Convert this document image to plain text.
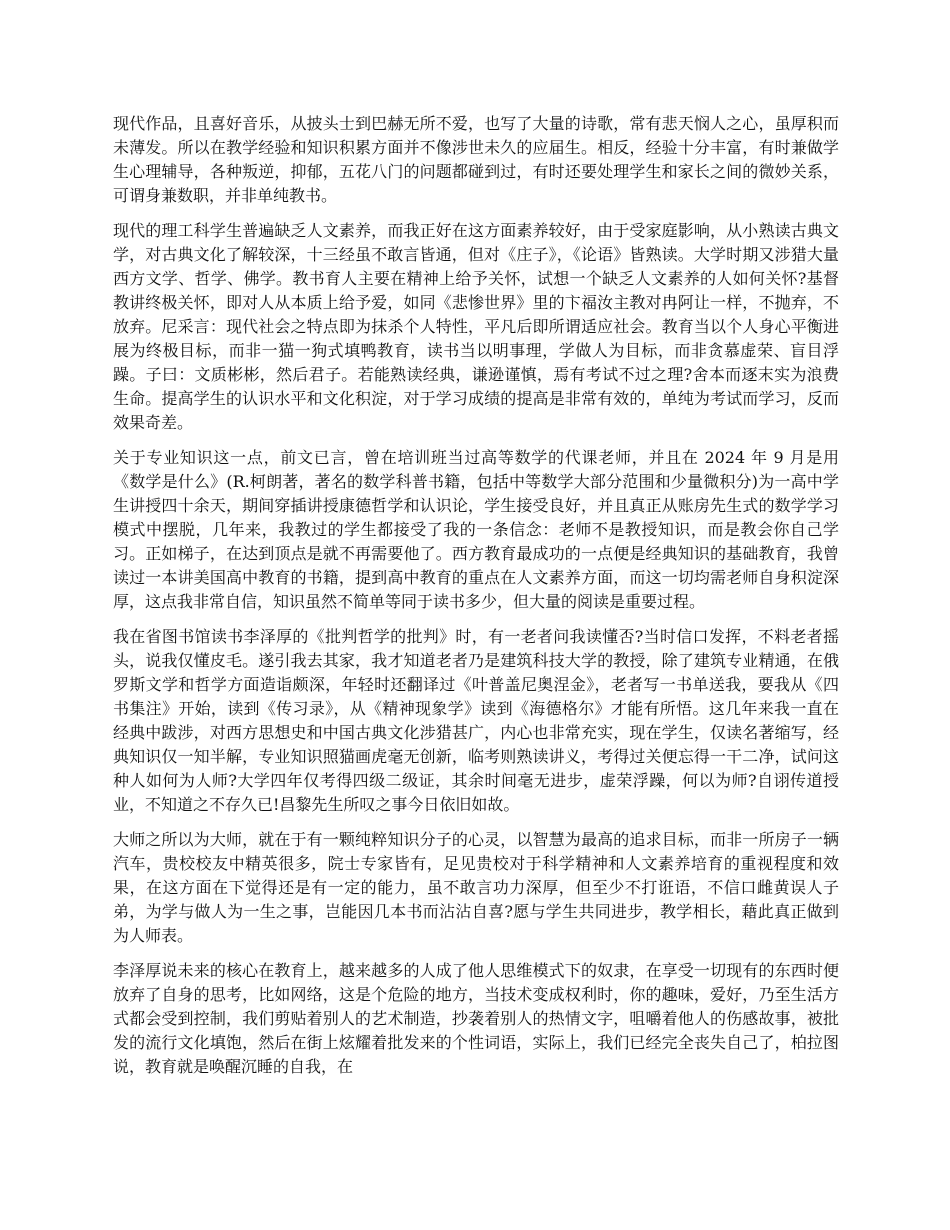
现代作品，且喜好音乐，从披头士到巴赫无所不爱，也写了大量的诗歌，常有悲天悯人之心，虽厚积而未薄发。所以在教学经验和知识积累方面并不像涉世未久的应届生。相反，经验十分丰富，有时兼做学生心理辅导，各种叛逆，抑郁，五花八门的问题都碰到过，有时还要处理学生和家长之间的微妙关系，可谓身兼数职，并非单纯教书。

现代的理工科学生普遍缺乏人文素养，而我正好在这方面素养较好，由于受家庭影响，从小熟读古典文学，对古典文化了解较深，十三经虽不敢言皆通，但对《庄子》，《论语》皆熟读。大学时期又涉猎大量西方文学、哲学、佛学。教书育人主要在精神上给予关怀，试想一个缺乏人文素养的人如何关怀?基督教讲终极关怀，即对人从本质上给予爱，如同《悲惨世界》里的卞福汝主教对冉阿让一样，不抛弃，不放弃。尼采言：现代社会之特点即为抹杀个人特性，平凡后即所谓适应社会。教育当以个人身心平衡进展为终极目标，而非一猫一狗式填鸭教育，读书当以明事理，学做人为目标，而非贪慕虚荣、盲目浮躁。子曰：文质彬彬，然后君子。若能熟读经典，谦逊谨慎，焉有考试不过之理?舍本而逐末实为浪费生命。提高学生的认识水平和文化积淀，对于学习成绩的提高是非常有效的，单纯为考试而学习，反而效果奇差。

关于专业知识这一点，前文已言，曾在培训班当过高等数学的代课老师，并且在 2024 年 9 月是用《数学是什么》(R.柯朗著，著名的数学科普书籍，包括中等数学大部分范围和少量微积分)为一高中学生讲授四十余天，期间穿插讲授康德哲学和认识论，学生接受良好，并且真正从账房先生式的数学学习模式中摆脱，几年来，我教过的学生都接受了我的一条信念：老师不是教授知识，而是教会你自己学习。正如梯子，在达到顶点是就不再需要他了。西方教育最成功的一点便是经典知识的基础教育，我曾读过一本讲美国高中教育的书籍，提到高中教育的重点在人文素养方面，而这一切均需老师自身积淀深厚，这点我非常自信，知识虽然不简单等同于读书多少，但大量的阅读是重要过程。

我在省图书馆读书李泽厚的《批判哲学的批判》时，有一老者问我读懂否?当时信口发挥，不料老者摇头，说我仅懂皮毛。遂引我去其家，我才知道老者乃是建筑科技大学的教授，除了建筑专业精通，在俄罗斯文学和哲学方面造诣颇深，年轻时还翻译过《叶普盖尼奥涅金》，老者写一书单送我，要我从《四书集注》开始，读到《传习录》，从《精神现象学》读到《海德格尔》才能有所悟。这几年来我一直在经典中跋涉，对西方思想史和中国古典文化涉猎甚广，内心也非常充实，现在学生，仅读名著缩写，经典知识仅一知半解，专业知识照猫画虎毫无创新，临考则熟读讲义，考得过关便忘得一干二净，试问这种人如何为人师?大学四年仅考得四级二级证，其余时间毫无进步，虚荣浮躁，何以为师?自诩传道授业，不知道之不存久已!昌黎先生所叹之事今日依旧如故。

大师之所以为大师，就在于有一颗纯粹知识分子的心灵，以智慧为最高的追求目标，而非一所房子一辆汽车，贵校校友中精英很多，院士专家皆有，足见贵校对于科学精神和人文素养培育的重视程度和效果，在这方面在下觉得还是有一定的能力，虽不敢言功力深厚，但至少不打诳语，不信口雌黄误人子弟，为学与做人为一生之事，岂能因几本书而沾沾自喜?愿与学生共同进步，教学相长，藉此真正做到为人师表。

李泽厚说未来的核心在教育上，越来越多的人成了他人思维模式下的奴隶，在享受一切现有的东西时便放弃了自身的思考，比如网络，这是个危险的地方，当技术变成权利时，你的趣味，爱好，乃至生活方式都会受到控制，我们剪贴着别人的艺术制造，抄袭着别人的热情文字，咀嚼着他人的伤感故事，被批发的流行文化填饱，然后在街上炫耀着批发来的个性词语，实际上，我们已经完全丧失自己了，柏拉图说，教育就是唤醒沉睡的自我，在
